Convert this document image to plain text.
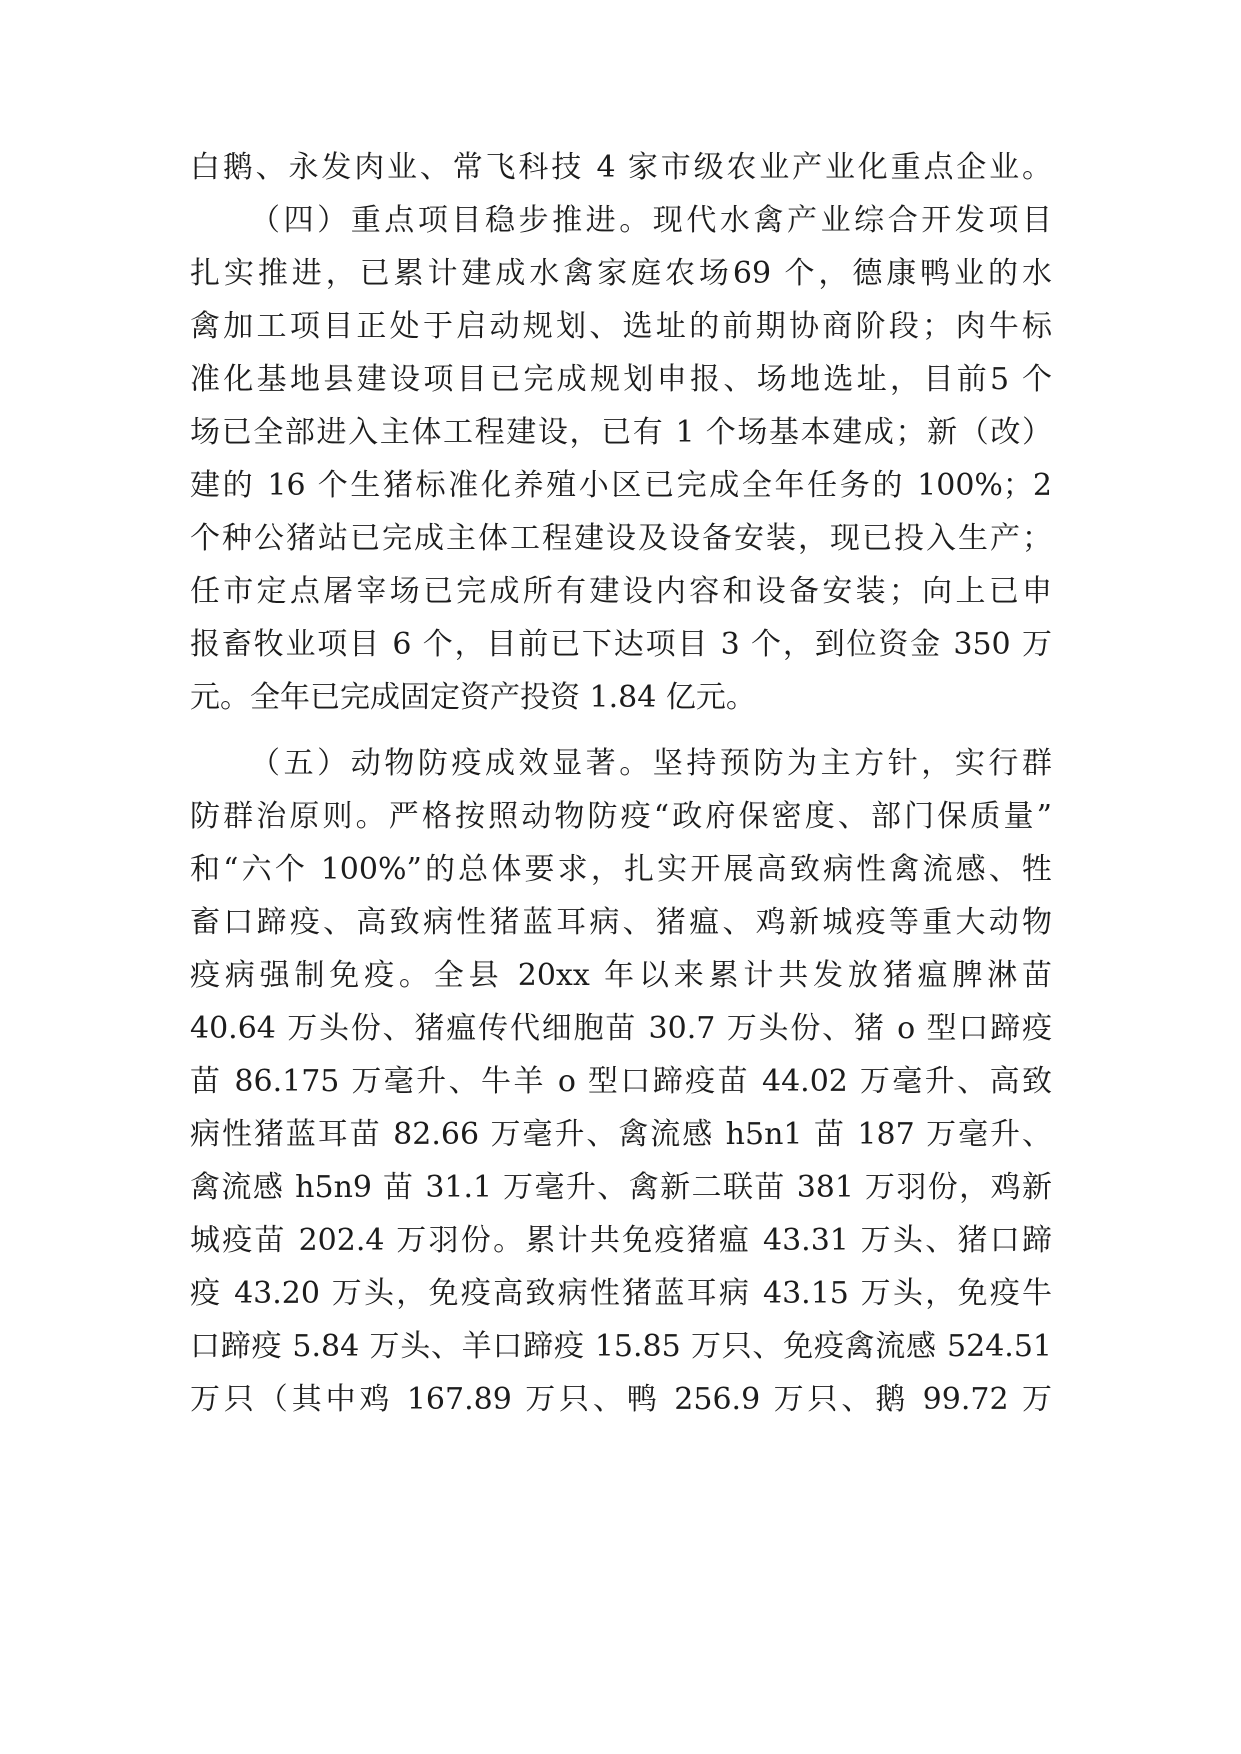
白鹅、永发肉业、常飞科技 4 家市级农业产业化重点企业。
（四）重点项目稳步推进。现代水禽产业综合开发项目
扎实推进，已累计建成水禽家庭农场69 个，德康鸭业的水
禽加工项目正处于启动规划、选址的前期协商阶段；肉牛标
准化基地县建设项目已完成规划申报、场地选址，目前5 个
场已全部进入主体工程建设，已有 1 个场基本建成；新（改）
建的 16 个生猪标准化养殖小区已完成全年任务的 100%；2
个种公猪站已完成主体工程建设及设备安装，现已投入生产；
任市定点屠宰场已完成所有建设内容和设备安装；向上已申
报畜牧业项目 6 个，目前已下达项目 3 个，到位资金 350 万
元。全年已完成固定资产投资 1.84 亿元。
（五）动物防疫成效显著。坚持预防为主方针，实行群
防群治原则。严格按照动物防疫“政府保密度、部门保质量”
和“六个 100%”的总体要求，扎实开展高致病性禽流感、牲
畜口蹄疫、高致病性猪蓝耳病、猪瘟、鸡新城疫等重大动物
疫病强制免疫。全县 20xx 年以来累计共发放猪瘟脾淋苗
40.64 万头份、猪瘟传代细胞苗 30.7 万头份、猪 o 型口蹄疫
苗 86.175 万毫升、牛羊 o 型口蹄疫苗 44.02 万毫升、高致
病性猪蓝耳苗 82.66 万毫升、禽流感 h5n1 苗 187 万毫升、
禽流感 h5n9 苗 31.1 万毫升、禽新二联苗 381 万羽份，鸡新
城疫苗 202.4 万羽份。累计共免疫猪瘟 43.31 万头、猪口蹄
疫 43.20 万头，免疫高致病性猪蓝耳病 43.15 万头，免疫牛
口蹄疫 5.84 万头、羊口蹄疫 15.85 万只、免疫禽流感 524.51
万只（其中鸡 167.89 万只、鸭 256.9 万只、鹅 99.72 万
